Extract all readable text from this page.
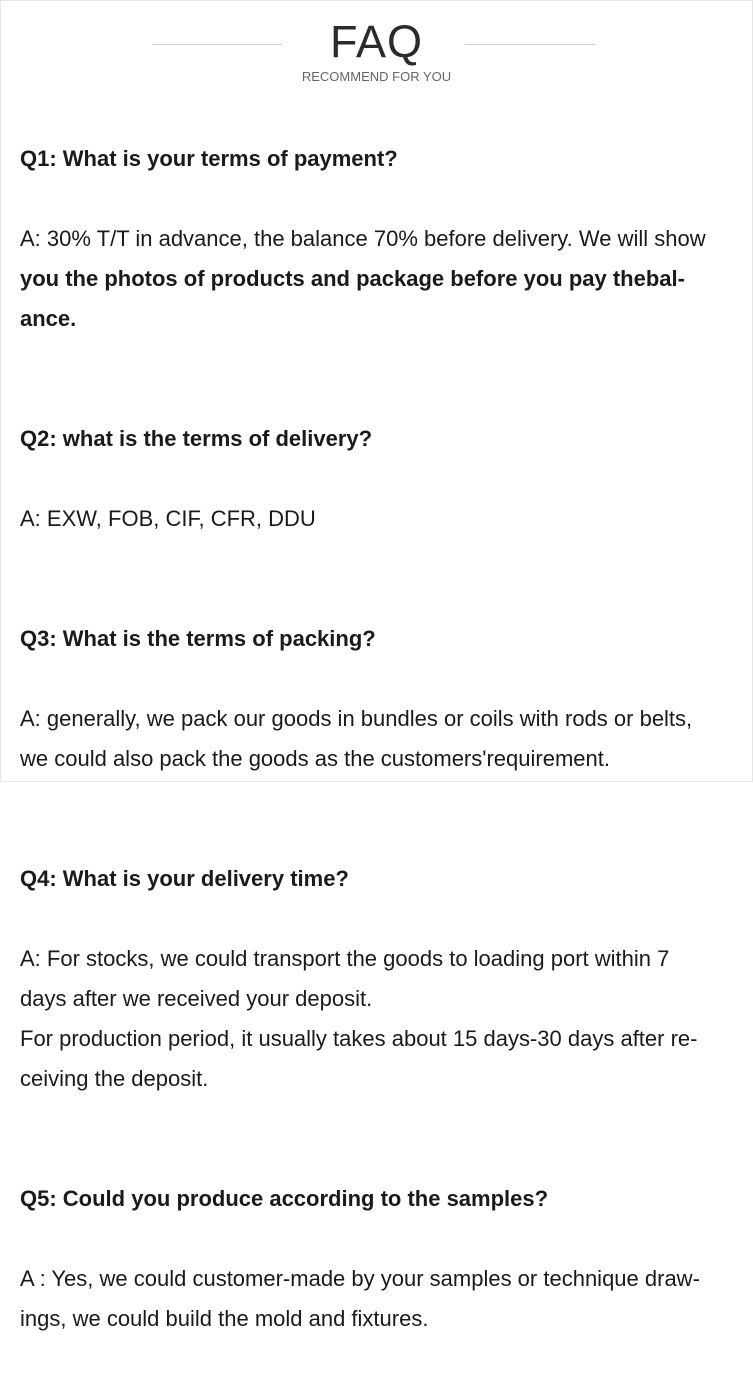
FAQ
RECOMMEND FOR YOU

Q1: What is your terms of payment?

A: 30% T/T in advance, the balance 70% before delivery. We will show
you the photos of products and package before you pay thebal-
ance.

Q2: what is the terms of delivery?

A: EXW, FOB, CIF, CFR, DDU

Q3: What is the terms of packing?

A: generally, we pack our goods in bundles or coils with rods or belts,
we could also pack the goods as the customers'requirement.

Q4: What is your delivery time?

A: For stocks, we could transport the goods to loading port within 7
days after we received your deposit.
For production period, it usually takes about 15 days-30 days after re-
ceiving the deposit.

Q5: Could you produce according to the samples?

A : Yes, we could customer-made by your samples or technique draw-
ings, we could build the mold and fixtures.
